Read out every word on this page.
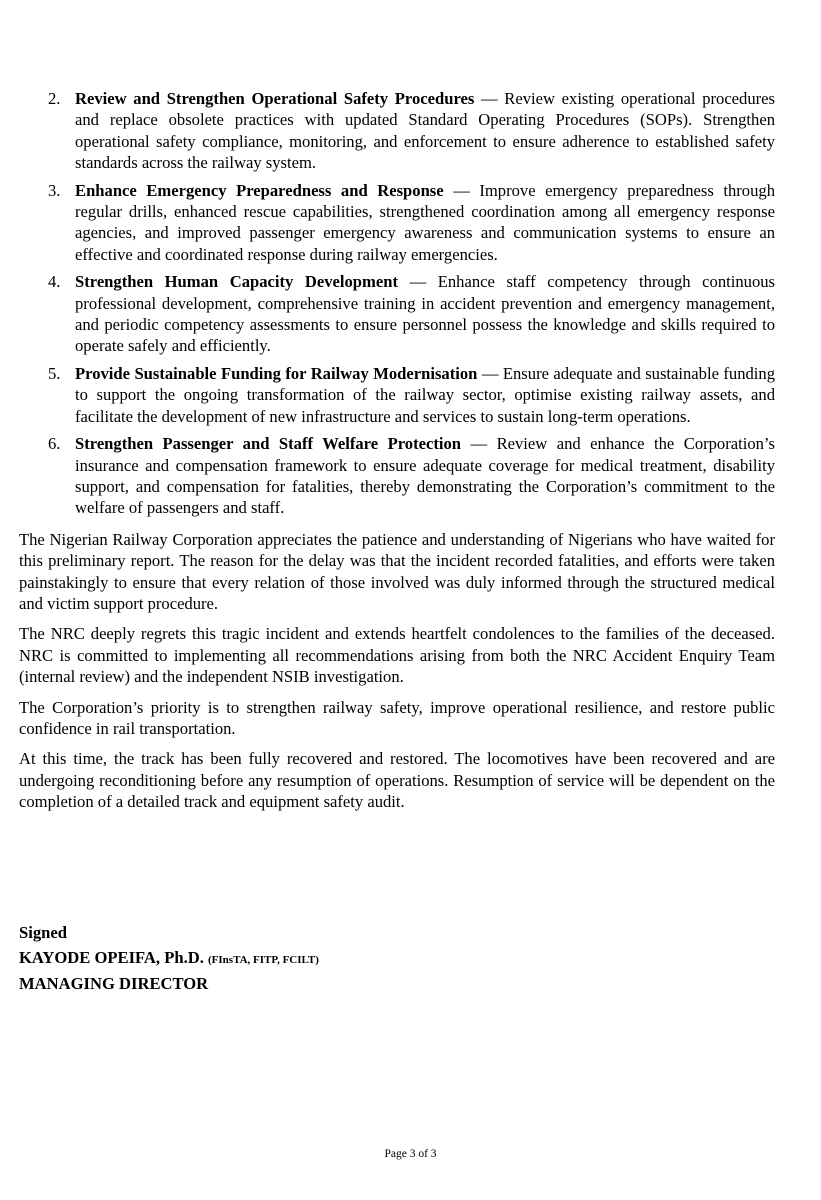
2. Review and Strengthen Operational Safety Procedures — Review existing operational procedures and replace obsolete practices with updated Standard Operating Procedures (SOPs). Strengthen operational safety compliance, monitoring, and enforcement to ensure adherence to established safety standards across the railway system.
3. Enhance Emergency Preparedness and Response — Improve emergency preparedness through regular drills, enhanced rescue capabilities, strengthened coordination among all emergency response agencies, and improved passenger emergency awareness and communication systems to ensure an effective and coordinated response during railway emergencies.
4. Strengthen Human Capacity Development — Enhance staff competency through continuous professional development, comprehensive training in accident prevention and emergency management, and periodic competency assessments to ensure personnel possess the knowledge and skills required to operate safely and efficiently.
5. Provide Sustainable Funding for Railway Modernisation — Ensure adequate and sustainable funding to support the ongoing transformation of the railway sector, optimise existing railway assets, and facilitate the development of new infrastructure and services to sustain long-term operations.
6. Strengthen Passenger and Staff Welfare Protection — Review and enhance the Corporation’s insurance and compensation framework to ensure adequate coverage for medical treatment, disability support, and compensation for fatalities, thereby demonstrating the Corporation’s commitment to the welfare of passengers and staff.

The Nigerian Railway Corporation appreciates the patience and understanding of Nigerians who have waited for this preliminary report. The reason for the delay was that the incident recorded fatalities, and efforts were taken painstakingly to ensure that every relation of those involved was duly informed through the structured medical and victim support procedure.

The NRC deeply regrets this tragic incident and extends heartfelt condolences to the families of the deceased. NRC is committed to implementing all recommendations arising from both the NRC Accident Enquiry Team (internal review) and the independent NSIB investigation.

The Corporation’s priority is to strengthen railway safety, improve operational resilience, and restore public confidence in rail transportation.

At this time, the track has been fully recovered and restored. The locomotives have been recovered and are undergoing reconditioning before any resumption of operations. Resumption of service will be dependent on the completion of a detailed track and equipment safety audit.

Signed
KAYODE OPEIFA, Ph.D. (FInsTA, FITP, FCILT)
MANAGING DIRECTOR
Page 3 of 3
